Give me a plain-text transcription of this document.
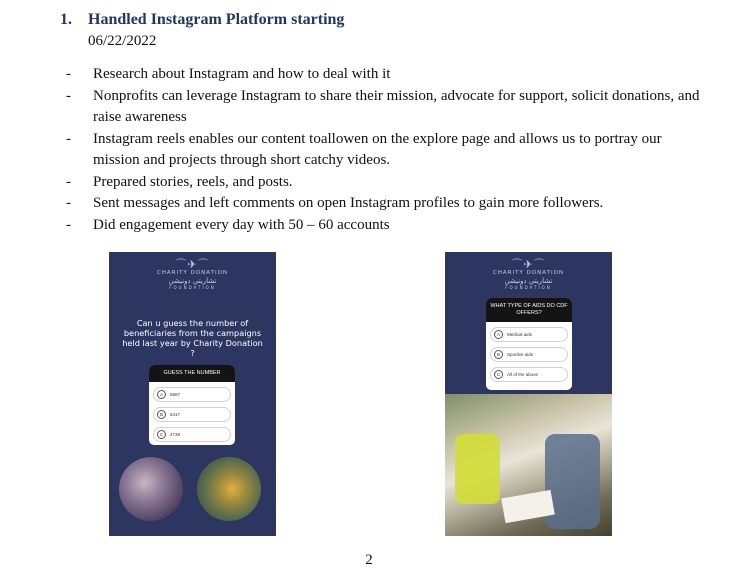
1. Handled Instagram Platform starting
06/22/2022
- Research about Instagram and how to deal with it
- Nonprofits can leverage Instagram to share their mission, advocate for support, solicit donations, and raise awareness
- Instagram reels enables our content toallowen on the explore page and allows us to portray our mission and projects through short catchy videos.
- Prepared stories, reels, and posts.
- Sent messages and left comments on open Instagram profiles to gain more followers.
- Did engagement every day with 50 – 60 accounts
⌒✈⌒
CHARITY DONATION
تشاريتي دونيشن
FOUNDATION
Can u guess the number of beneficiaries from the campaigns held last year by Charity Donation ?
GUESS THE NUMBER
A	5687
B	6417
C	4738
⌒✈⌒
CHARITY DONATION
تشاريتي دونيشن
FOUNDATION
WHAT TYPE OF AIDS DO CDF OFFERS?
A	Medical aids
B	Sportive aids
C	All of the above
2
